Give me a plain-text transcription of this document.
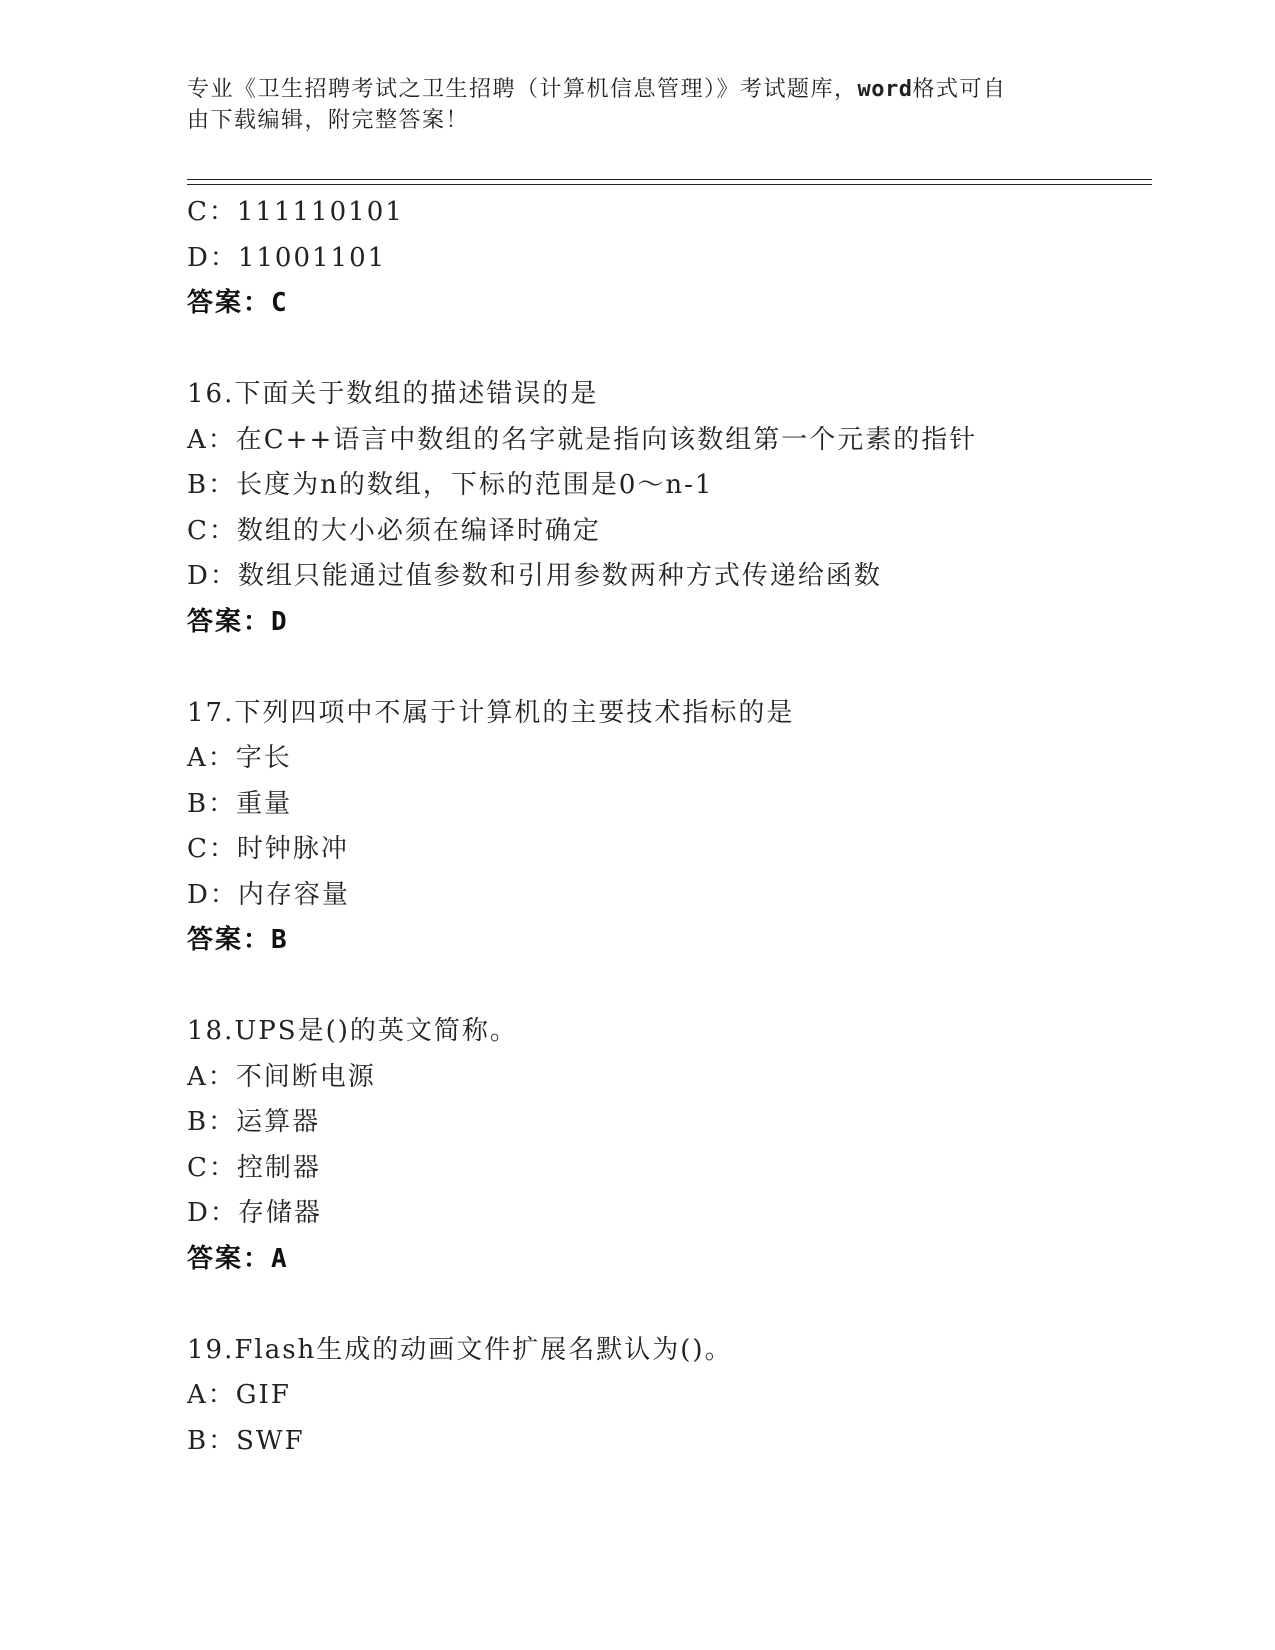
专业《卫生招聘考试之卫生招聘（计算机信息管理）》考试题库，word格式可自
由下载编辑，附完整答案！
C：111110101
D：11001101
答案：C
16.下面关于数组的描述错误的是
A：在C++语言中数组的名字就是指向该数组第一个元素的指针
B：长度为n的数组，下标的范围是0～n-1
C：数组的大小必须在编译时确定
D：数组只能通过值参数和引用参数两种方式传递给函数
答案：D
17.下列四项中不属于计算机的主要技术指标的是
A：字长
B：重量
C：时钟脉冲
D：内存容量
答案：B
18.UPS是()的英文简称。
A：不间断电源
B：运算器
C：控制器
D：存储器
答案：A
19.Flash生成的动画文件扩展名默认为()。
A：GIF
B：SWF
